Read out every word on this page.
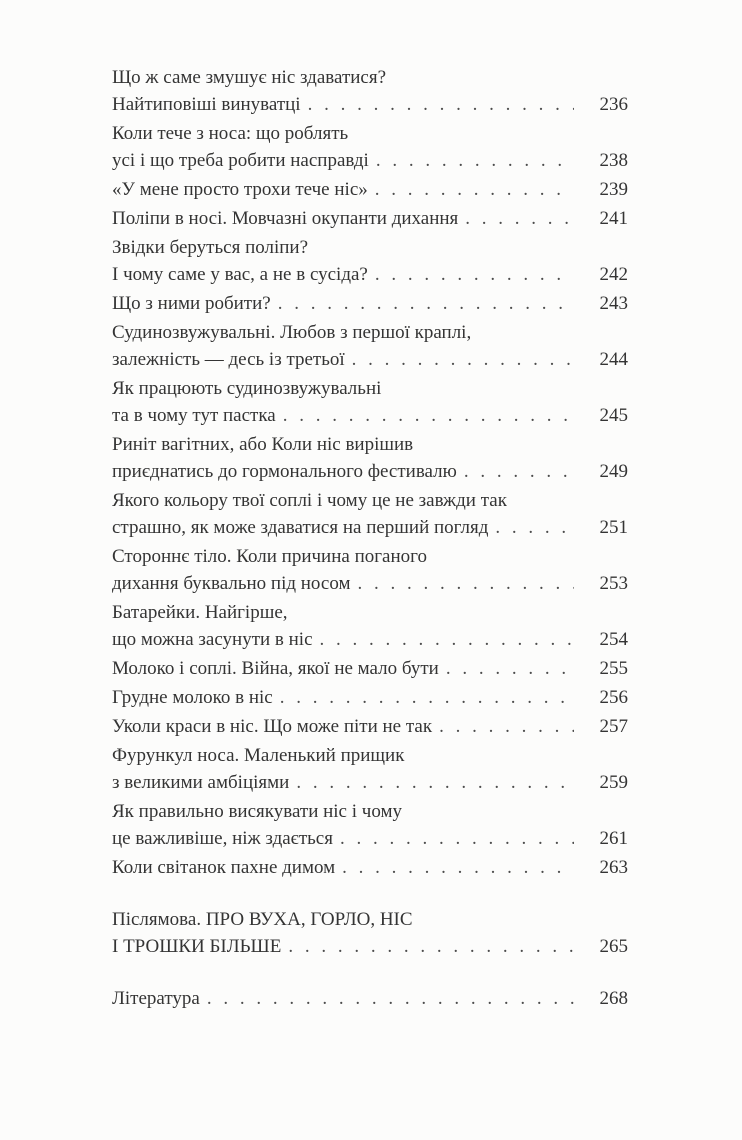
Що ж саме змушує ніс здаватися?
Найтиповіші винуватці . . .	236
Коли тече з носа: що роблять
усі і що треба робити насправді . . .	238
«У мене просто трохи тече ніс» . . .	239
Поліпи в носі. Мовчазні окупанти дихання . . .	241
Звідки беруться поліпи?
І чому саме у вас, а не в сусіда? . . .	242
Що з ними робити? . . .	243
Судинозвужувальні. Любов з першої краплі,
залежність — десь із третьої . . .	244
Як працюють судинозвужувальні
та в чому тут пастка . . .	245
Риніт вагітних, або Коли ніс вирішив
приєднатись до гормонального фестивалю . . .	249
Якого кольору твої соплі і чому це не завжди так
страшно, як може здаватися на перший погляд . . .	251
Стороннє тіло. Коли причина поганого
дихання буквально під носом . . .	253
Батарейки. Найгірше,
що можна засунути в ніс . . .	254
Молоко і соплі. Війна, якої не мало бути . . .	255
Грудне молоко в ніс . . .	256
Уколи краси в ніс. Що може піти не так . . .	257
Фурункул носа. Маленький прищик
з великими амбіціями . . .	259
Як правильно висякувати ніс і чому
це важливіше, ніж здається . . .	261
Коли світанок пахне димом . . .	263
Післямова. ПРО ВУХА, ГОРЛО, НІС
І ТРОШКИ БІЛЬШЕ . . .	265
Література . . .	268
